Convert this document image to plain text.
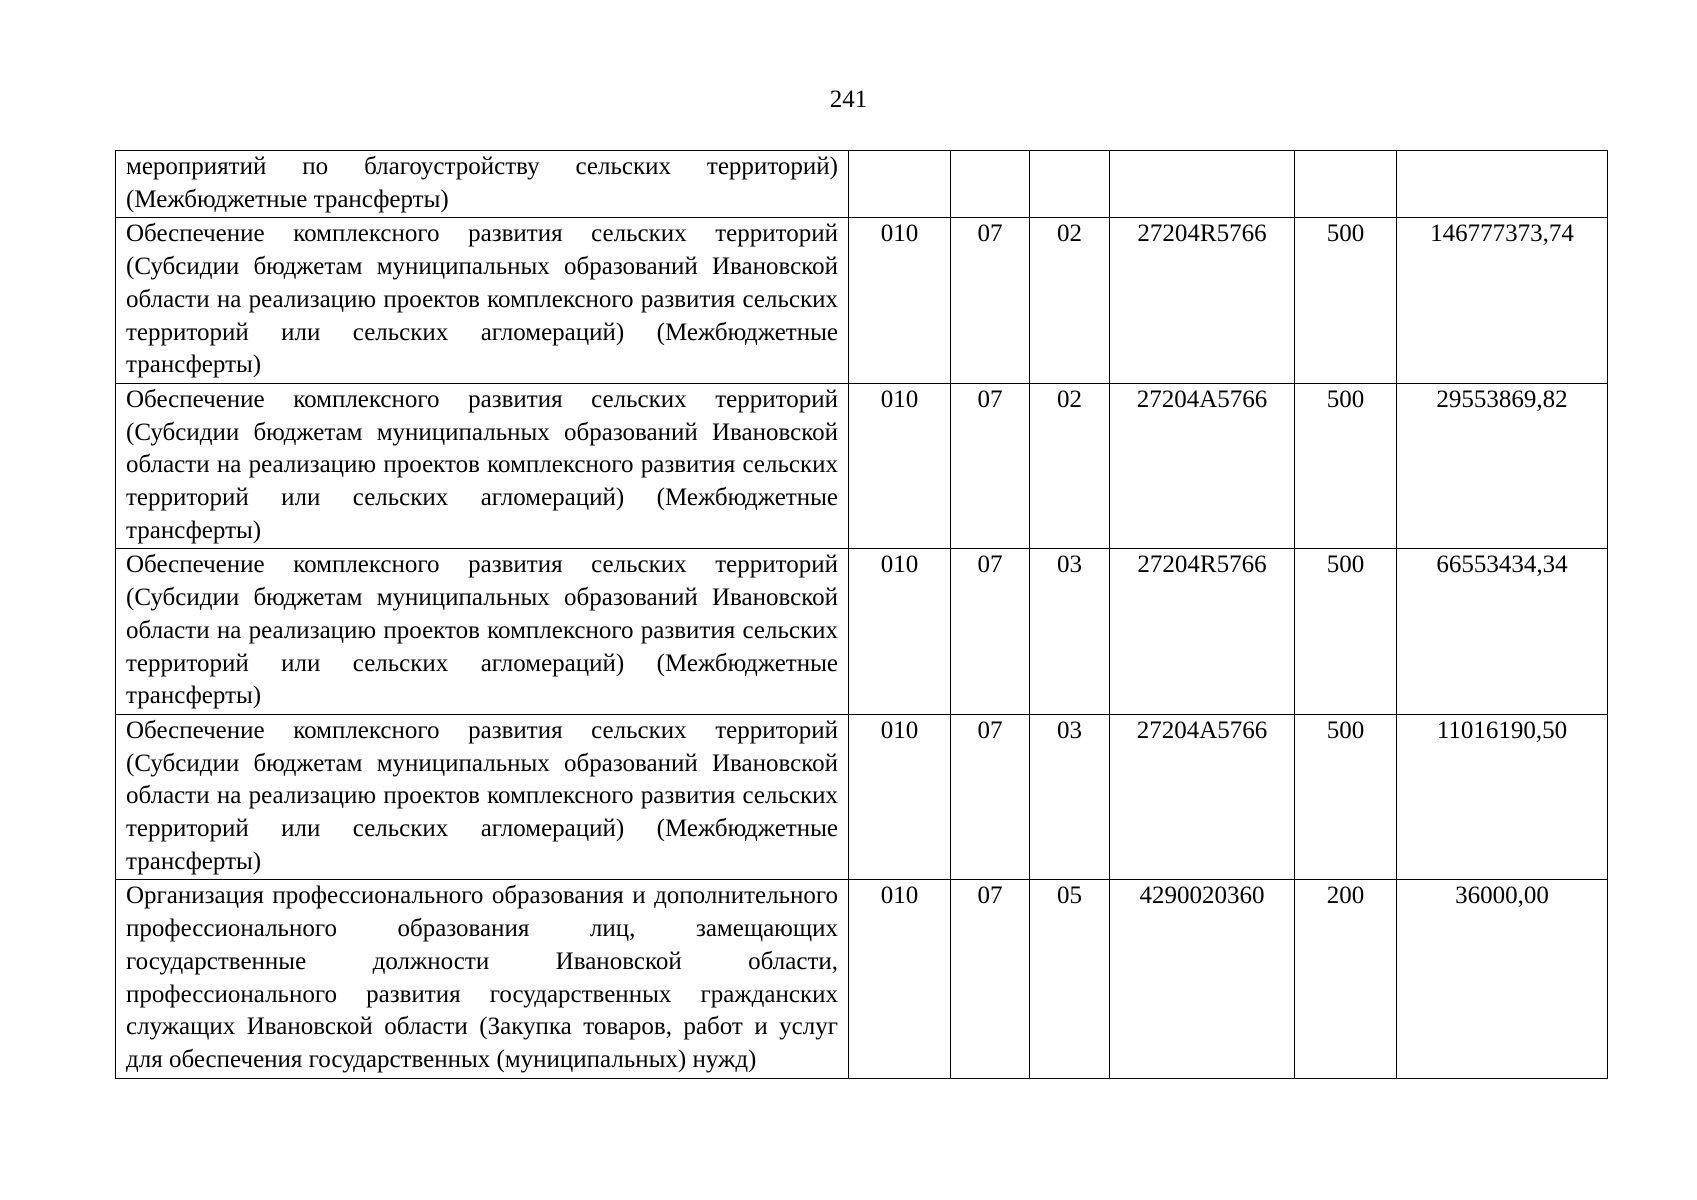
241
мероприятий по благоустройству сельских территорий) (Межбюджетные трансферты)						
Обеспечение комплексного развития сельских территорий (Субсидии бюджетам муниципальных образований Ивановской области на реализацию проектов комплексного развития сельских территорий или сельских агломераций) (Межбюджетные трансферты)	010	07	02	27204R5766	500	146777373,74
Обеспечение комплексного развития сельских территорий (Субсидии бюджетам муниципальных образований Ивановской области на реализацию проектов комплексного развития сельских территорий или сельских агломераций) (Межбюджетные трансферты)	010	07	02	27204A5766	500	29553869,82
Обеспечение комплексного развития сельских территорий (Субсидии бюджетам муниципальных образований Ивановской области на реализацию проектов комплексного развития сельских территорий или сельских агломераций) (Межбюджетные трансферты)	010	07	03	27204R5766	500	66553434,34
Обеспечение комплексного развития сельских территорий (Субсидии бюджетам муниципальных образований Ивановской области на реализацию проектов комплексного развития сельских территорий или сельских агломераций) (Межбюджетные трансферты)	010	07	03	27204A5766	500	11016190,50
Организация профессионального образования и дополнительного профессионального образования лиц, замещающих государственные должности Ивановской области, профессионального развития государственных гражданских служащих Ивановской области (Закупка товаров, работ и услуг для обеспечения государственных (муниципальных) нужд)	010	07	05	4290020360	200	36000,00
